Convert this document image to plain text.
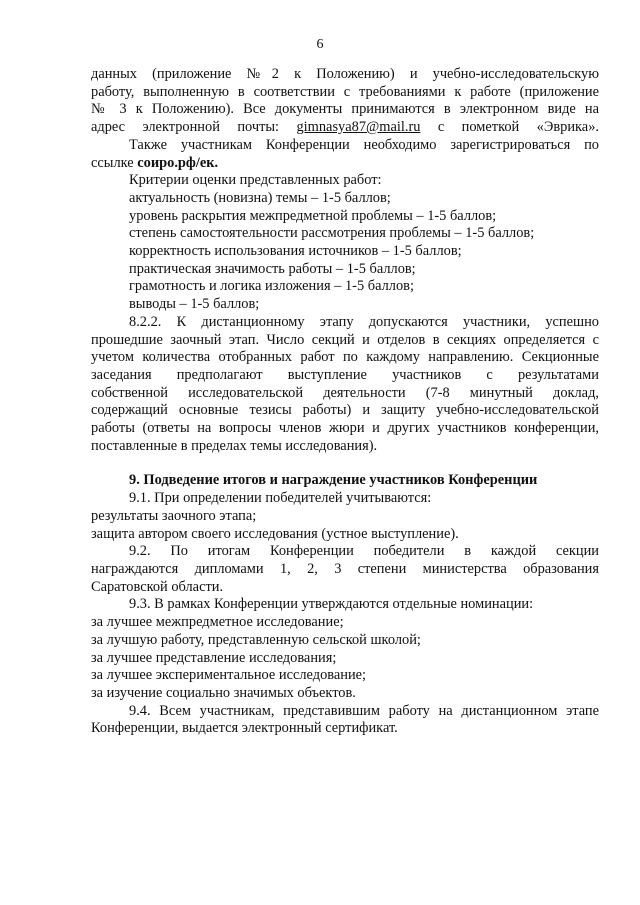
6

данных (приложение №2 к Положению) и учебно-исследовательскую

работу, выполненную в соответствии с требованиями к работе (приложение

№ 3 к Положению). Все документы принимаются в электронном виде на

адрес электронной почты: gimnasya87@mail.ru с пометкой «Эврика».

Также участникам Конференции необходимо зарегистрироваться по

ссылке соиро.рф/ек.

Критерии оценки представленных работ:

актуальность (новизна) темы – 1-5 баллов;

уровень раскрытия межпредметной проблемы – 1-5 баллов;

степень самостоятельности рассмотрения проблемы – 1-5 баллов;

корректность использования источников – 1-5 баллов;

практическая значимость работы – 1-5 баллов;

грамотность и логика изложения – 1-5 баллов;

выводы – 1-5 баллов;

8.2.2. К дистанционному этапу допускаются участники, успешно

прошедшие заочный этап. Число секций и отделов в секциях определяется с

учетом количества отобранных работ по каждому направлению. Секционные

заседания предполагают выступление участников с результатами

собственной исследовательской деятельности (7-8 минутный доклад,

содержащий основные тезисы работы) и защиту учебно-исследовательской

работы (ответы на вопросы членов жюри и других участников конференции,

поставленные в пределах темы исследования).

9. Подведение итогов и награждение участников Конференции

9.1. При определении победителей учитываются:

результаты заочного этапа;

защита автором своего исследования (устное выступление).

9.2. По итогам Конференции победители в каждой секции

награждаются дипломами 1, 2, 3 степени министерства образования

Саратовской области.

9.3. В рамках Конференции утверждаются отдельные номинации:

за лучшее межпредметное исследование;

за лучшую работу, представленную сельской школой;

за лучшее представление исследования;

за лучшее экспериментальное исследование;

за изучение социально значимых объектов.

9.4. Всем участникам, представившим работу на дистанционном этапе

Конференции, выдается электронный сертификат.
